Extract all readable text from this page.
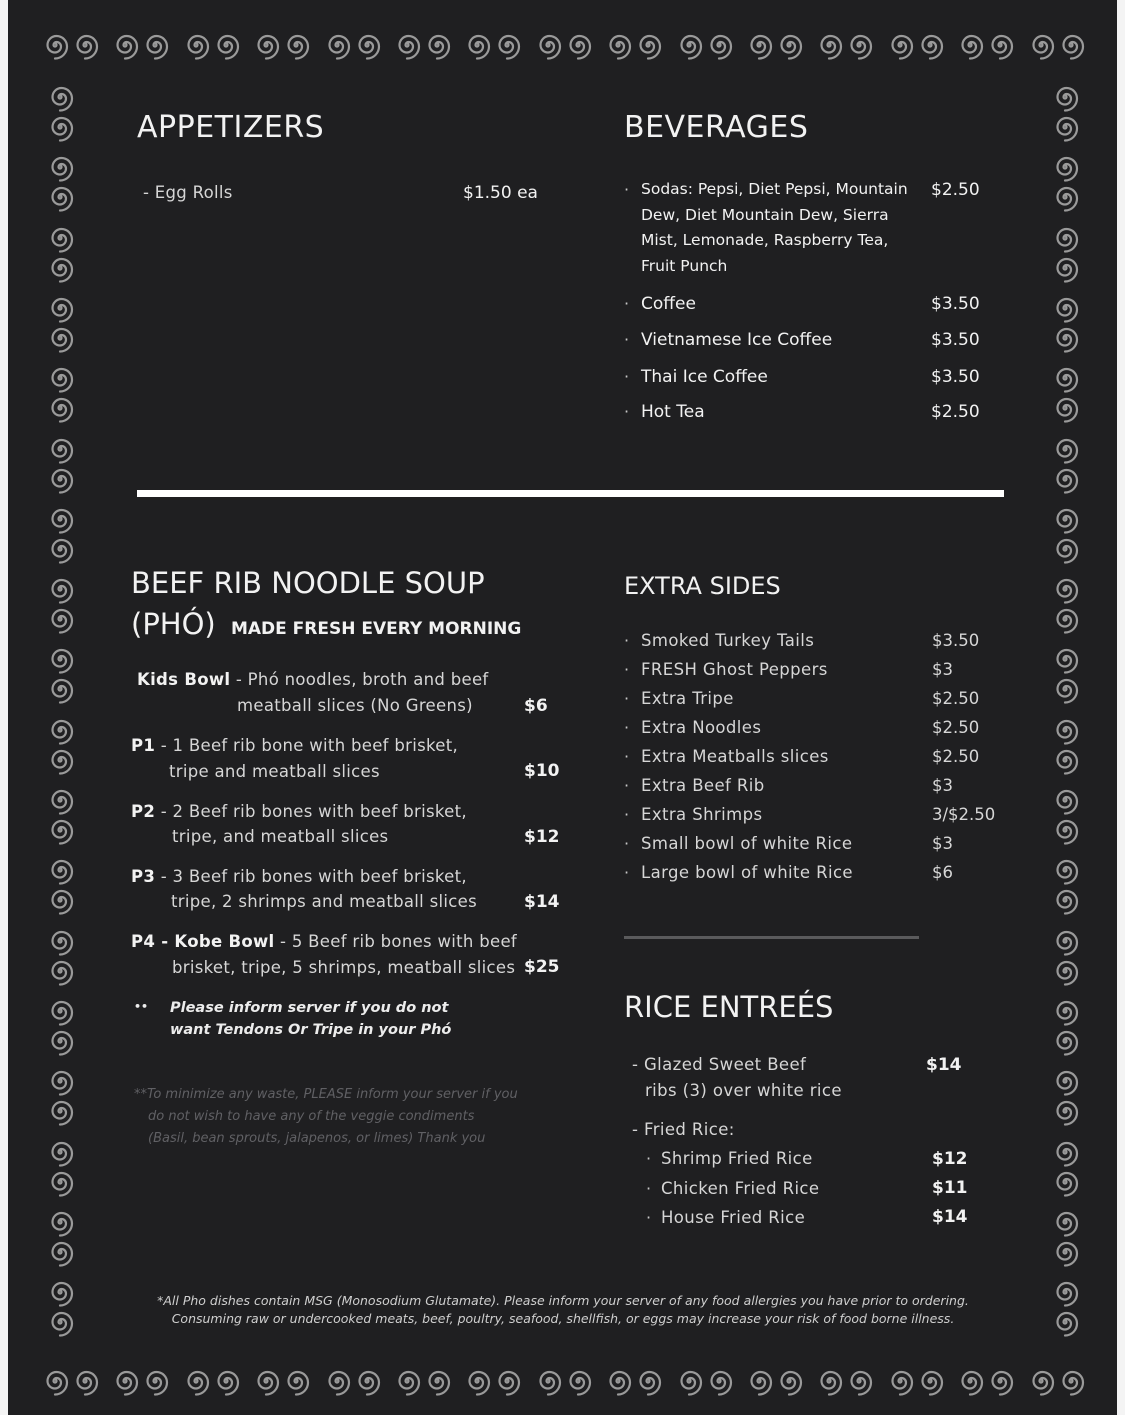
APPETIZERS
- Egg Rolls	$1.50 ea
BEVERAGES
· Sodas: Pepsi, Diet Pepsi, Mountain Dew, Diet Mountain Dew, Sierra Mist, Lemonade, Raspberry Tea, Fruit Punch
$2.50
· Coffee	$3.50
· Vietnamese Ice Coffee	$3.50
· Thai Ice Coffee	$3.50
· Hot Tea	$2.50
BEEF RIB NOODLE SOUP
(PHÓ) MADE FRESH EVERY MORNING
Kids Bowl - Phó noodles, broth and beef
meatball slices (No Greens)	$6
P1 - 1 Beef rib bone with beef brisket,
tripe and meatball slices	$10
P2 - 2 Beef rib bones with beef brisket,
tripe, and meatball slices	$12
P3 - 3 Beef rib bones with beef brisket,
tripe, 2 shrimps and meatball slices	$14
P4 - Kobe Bowl - 5 Beef rib bones with beef
brisket, tripe, 5 shrimps, meatball slices $25
•• Please inform server if you do not
want Tendons Or Tripe in your Phó
**To minimize any waste, PLEASE inform your server if you
do not wish to have any of the veggie condiments
(Basil, bean sprouts, jalapenos, or limes) Thank you
EXTRA SIDES
RICE ENTREÉS
- Glazed Sweet Beef
ribs (3) over white rice
$14
- Fried Rice:
· Shrimp Fried Rice	$12
· Chicken Fried Rice	$11
· House Fried Rice	$14
*All Pho dishes contain MSG (Monosodium Glutamate). Please inform your server of any food allergies you have prior to ordering.
Consuming raw or undercooked meats, beef, poultry, seafood, shellfish, or eggs may increase your risk of food borne illness.
· Smoked Turkey Tails	$3.50
· FRESH Ghost Peppers	$3
· Extra Tripe	$2.50
· Extra Noodles	$2.50
· Extra Meatballs slices	$2.50
· Extra Beef Rib	$3
· Extra Shrimps	3/$2.50
· Small bowl of white Rice	$3
· Large bowl of white Rice	$6
